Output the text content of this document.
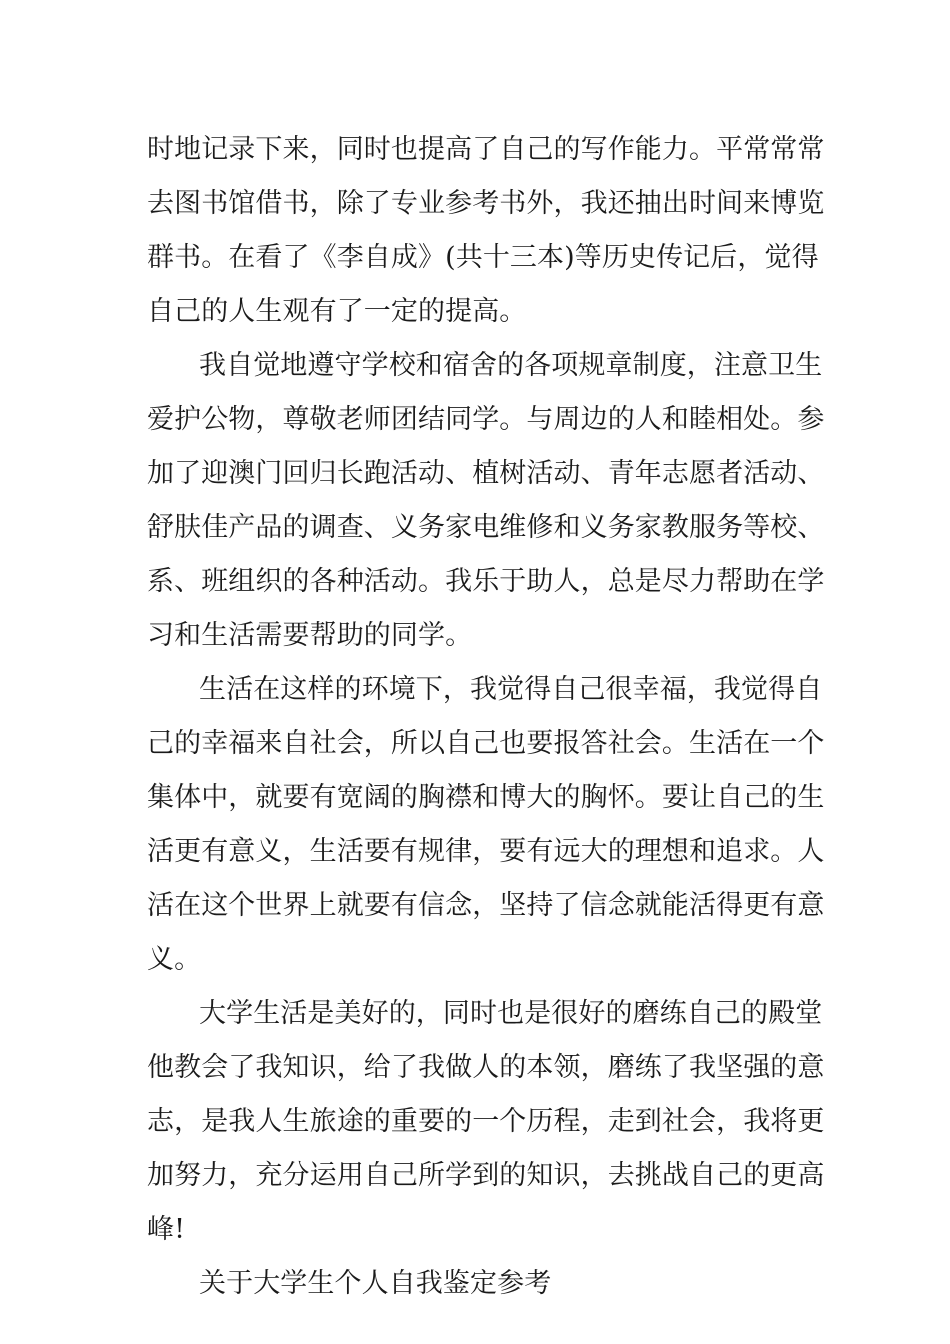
时地记录下来，同时也提高了自己的写作能力。平常常常
去图书馆借书，除了专业参考书外，我还抽出时间来博览
群书。在看了《李自成》(共十三本)等历史传记后，觉得
自己的人生观有了一定的提高。
我自觉地遵守学校和宿舍的各项规章制度，注意卫生
爱护公物，尊敬老师团结同学。与周边的人和睦相处。参
加了迎澳门回归长跑活动、植树活动、青年志愿者活动、
舒肤佳产品的调查、义务家电维修和义务家教服务等校、
系、班组织的各种活动。我乐于助人，总是尽力帮助在学
习和生活需要帮助的同学。
生活在这样的环境下，我觉得自己很幸福，我觉得自
己的幸福来自社会，所以自己也要报答社会。生活在一个
集体中，就要有宽阔的胸襟和博大的胸怀。要让自己的生
活更有意义，生活要有规律，要有远大的理想和追求。人
活在这个世界上就要有信念，坚持了信念就能活得更有意
义。
大学生活是美好的，同时也是很好的磨练自己的殿堂
他教会了我知识，给了我做人的本领，磨练了我坚强的意
志，是我人生旅途的重要的一个历程，走到社会，我将更
加努力，充分运用自己所学到的知识，去挑战自己的更高
峰!
关于大学生个人自我鉴定参考
